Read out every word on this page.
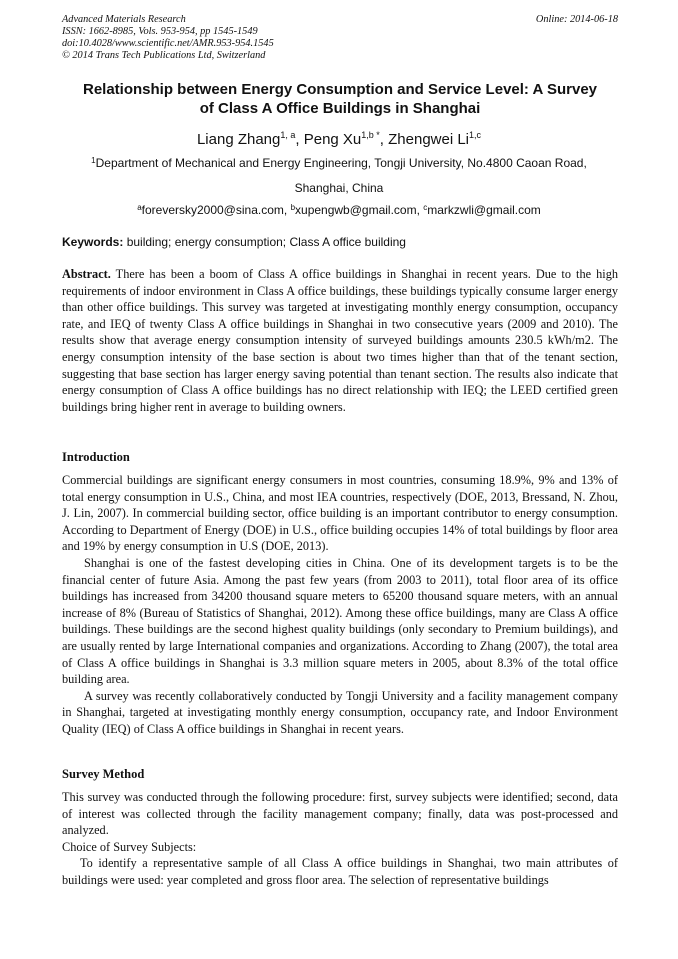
Advanced Materials Research
ISSN: 1662-8985, Vols. 953-954, pp 1545-1549
doi:10.4028/www.scientific.net/AMR.953-954.1545
© 2014 Trans Tech Publications Ltd, Switzerland
Online: 2014-06-18
Relationship between Energy Consumption and Service Level: A Survey
of Class A Office Buildings in Shanghai
Liang Zhang$^{1, a}$, Peng $Xu^{1,b *}$, Zhengwei Li$^{1,c}$
$^1$Department of Mechanical and Energy Engineering, Tongji University, No.4800 Caoan Road,
Shanghai, China
$^a$foreversky2000@sina.com, $^b$xupengwb@gmail.com, $^c$markzwli@gmail.com
Keywords: building; energy consumption; Class A office building
Abstract. There has been a boom of Class A office buildings in Shanghai in recent years. Due to the high requirements of indoor environment in Class A office buildings, these buildings typically consume larger energy than other office buildings. This survey was targeted at investigating monthly energy consumption, occupancy rate, and IEQ of twenty Class A office buildings in Shanghai in two consecutive years (2009 and 2010). The results show that average energy consumption intensity of surveyed buildings amounts 230.5 kWh/m2. The energy consumption intensity of the base section is about two times higher than that of the tenant section, suggesting that base section has larger energy saving potential than tenant section. The results also indicate that energy consumption of Class A office buildings has no direct relationship with IEQ; the LEED certified green buildings bring higher rent in average to building owners.
Introduction

Commercial buildings are significant energy consumers in most countries, consuming 18.9%, 9% and 13% of total energy consumption in U.S., China, and most IEA countries, respectively (DOE, 2013, Bressand, N. Zhou, J. Lin, 2007). In commercial building sector, office building is an important contributor to energy consumption. According to Department of Energy (DOE) in U.S., office building occupies 14% of total buildings by floor area and 19% by energy consumption in U.S (DOE, 2013).

Shanghai is one of the fastest developing cities in China. One of its development targets is to be the financial center of future Asia. Among the past few years (from 2003 to 2011), total floor area of its office buildings has increased from 34200 thousand square meters to 65200 thousand square meters, with an annual increase of 8% (Bureau of Statistics of Shanghai, 2012). Among these office buildings, many are Class A office buildings. These buildings are the second highest quality buildings (only secondary to Premium buildings), and are usually rented by large International companies and organizations. According to Zhang (2007), the total area of Class A office buildings in Shanghai is 3.3 million square meters in 2005, about 8.3% of the total office building area.

A survey was recently collaboratively conducted by Tongji University and a facility management company in Shanghai, targeted at investigating monthly energy consumption, occupancy rate, and Indoor Environment Quality (IEQ) of Class A office buildings in Shanghai in recent years.

Survey Method

This survey was conducted through the following procedure: first, survey subjects were identified; second, data of interest was collected through the facility management company; finally, data was post-processed and analyzed.

Choice of Survey Subjects:

To identify a representative sample of all Class A office buildings in Shanghai, two main attributes of buildings were used: year completed and gross floor area. The selection of representative buildings
